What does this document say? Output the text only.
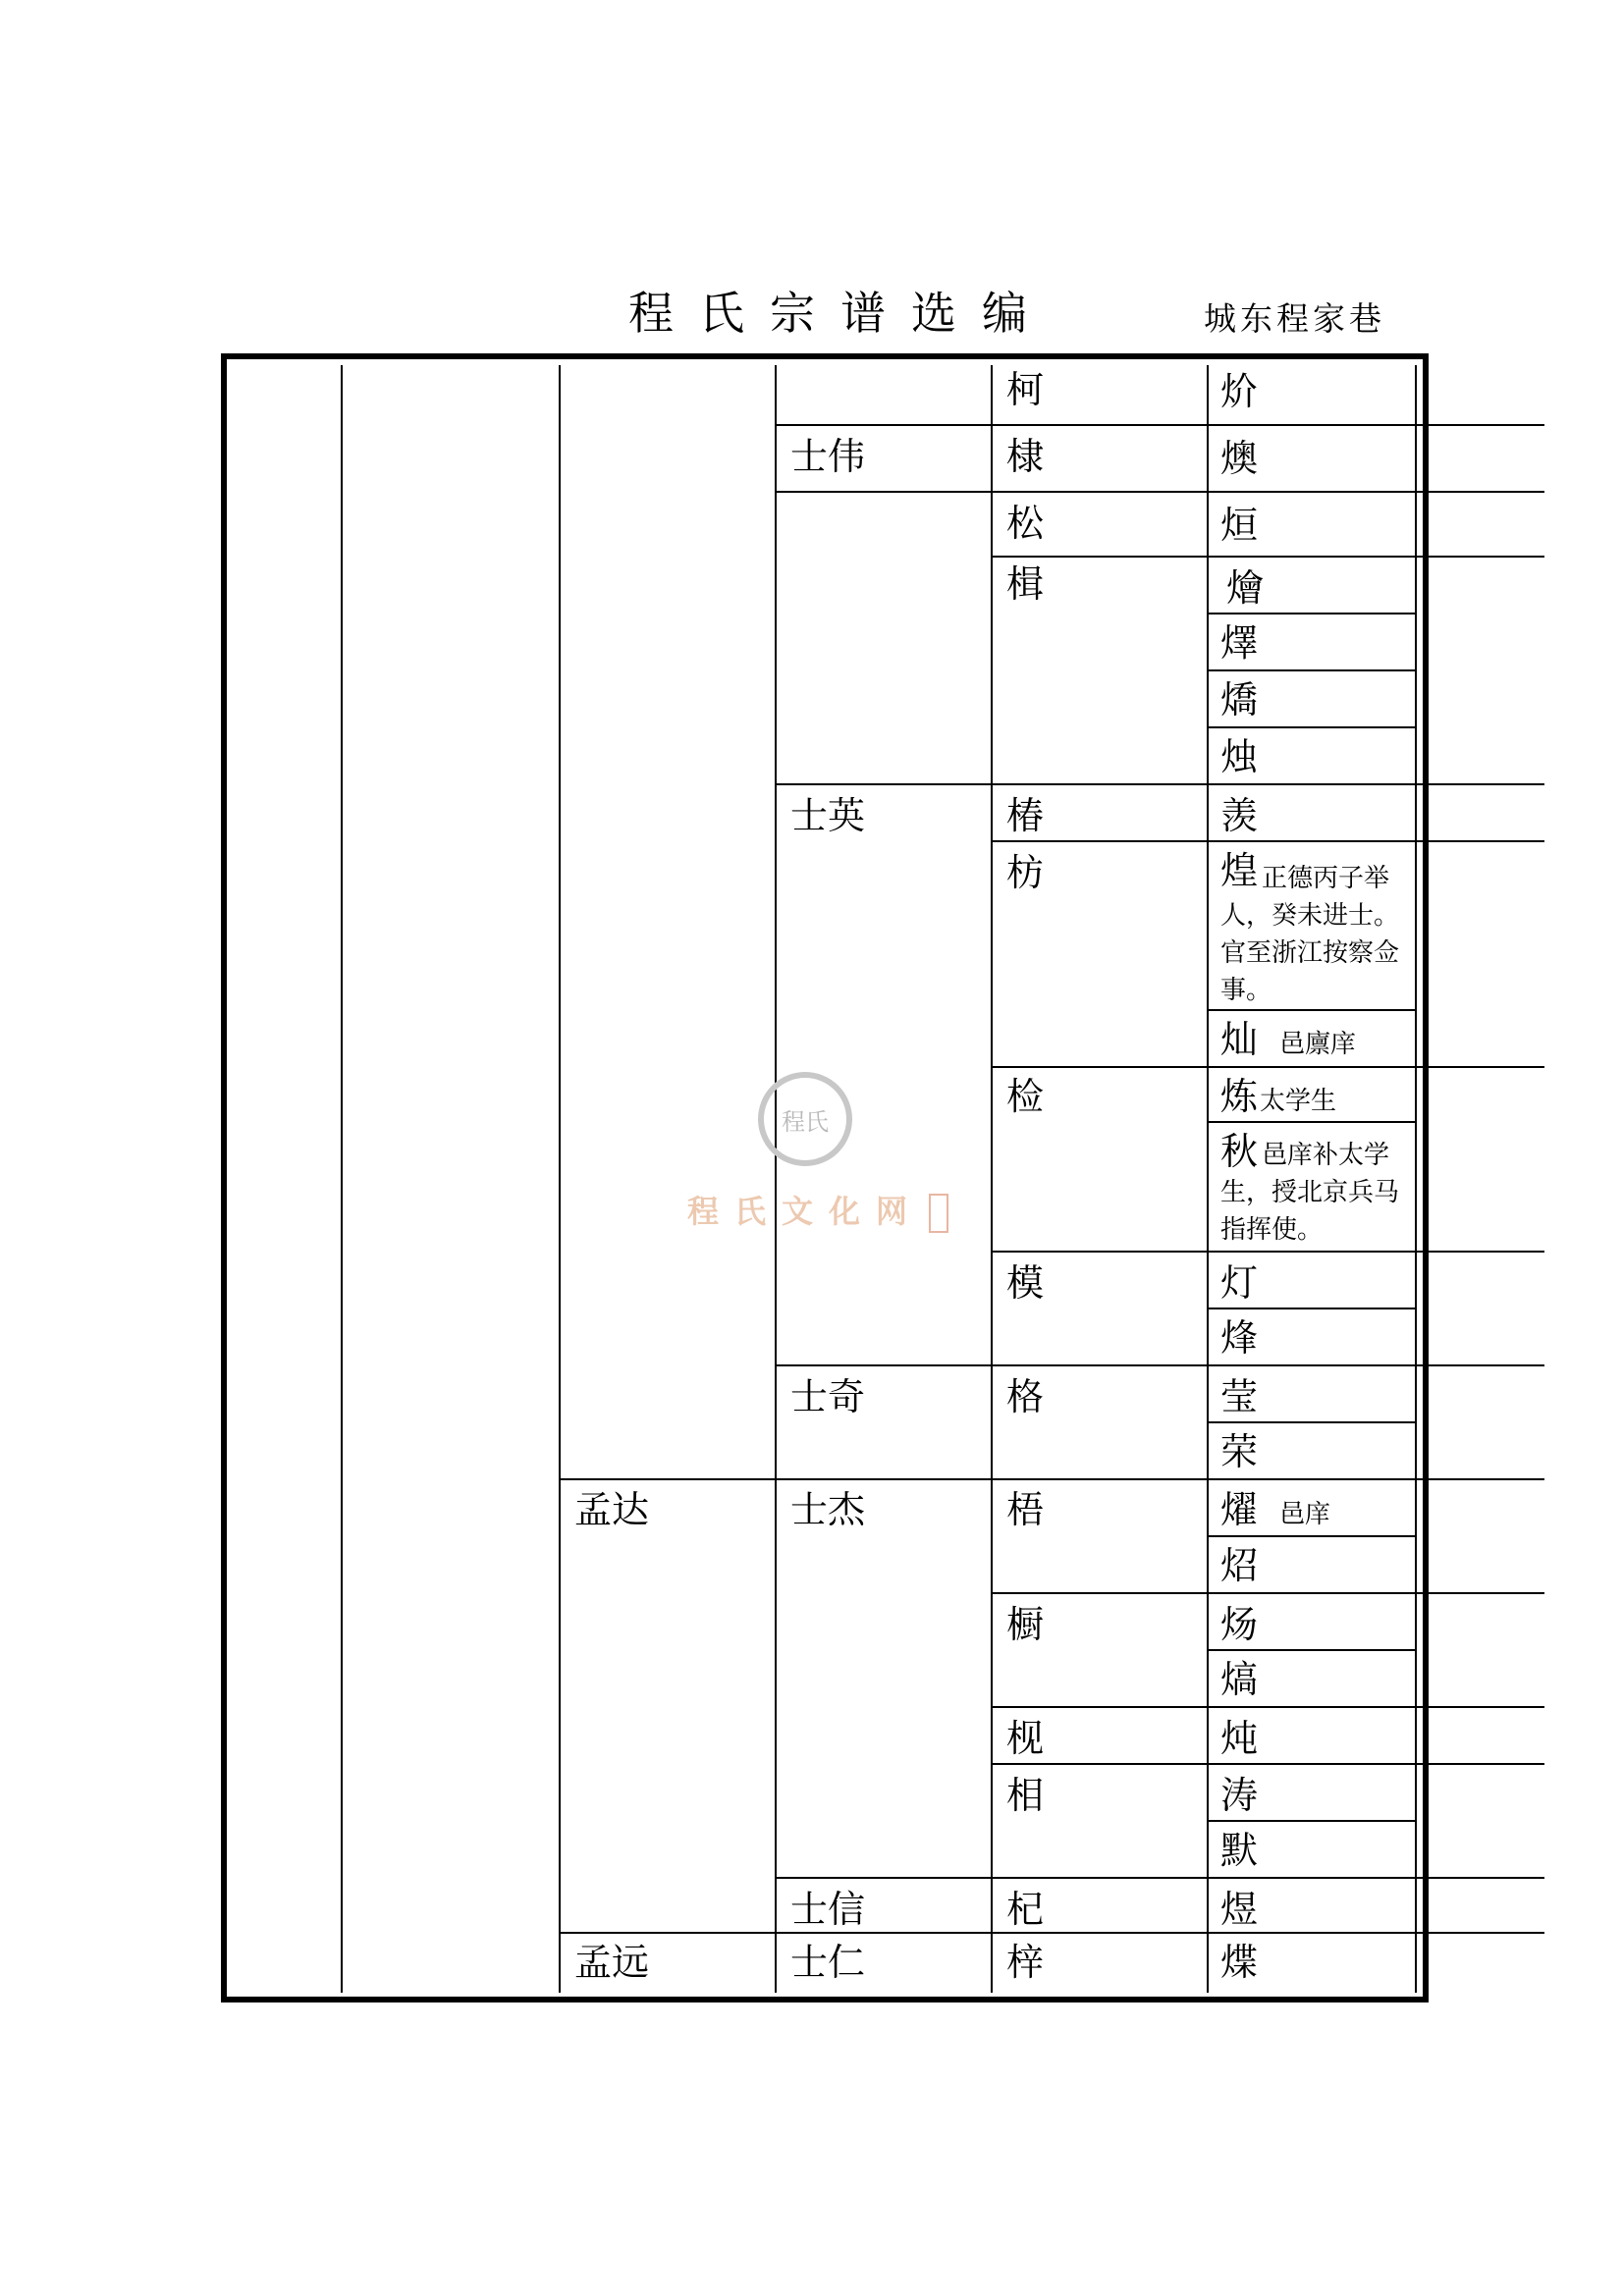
程氏宗谱选编	城东程家巷
孟达
孟远
士伟
士英
士奇
士杰
士信
士仁
柯
棣
松
楫
椿
枋
检
模
格
梧
橱
枧
相
杞
梓
炌
燠
烜
燴
燡
燆
烛
羡
煌 正德丙子举人，癸未进士。官至浙江按察佥事。
灿 邑廪庠
炼太学生
秋 邑庠补太学生，授北京兵马指挥使。
灯
烽
莹
荣
燿 邑庠
炤
炀
熇
炖
涛
默
煜
煠
程氏
程氏文化网
